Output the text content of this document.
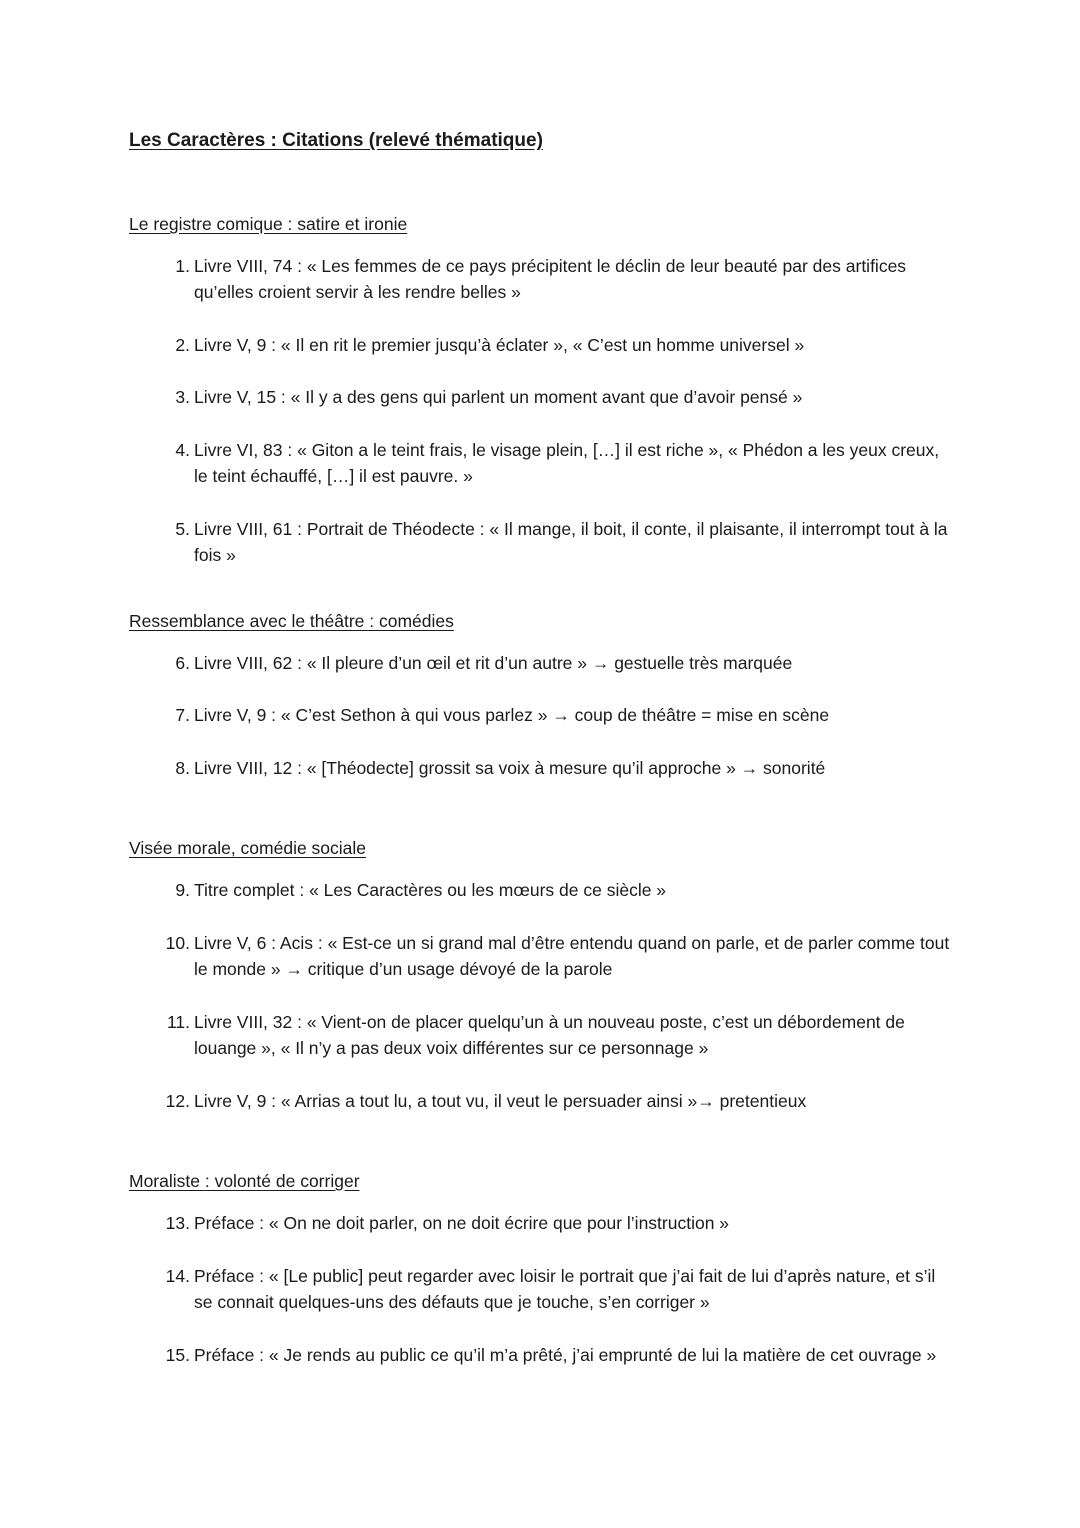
Les Caractères : Citations (relevé thématique)
Le registre comique : satire et ironie
1. Livre VIII, 74 : « Les femmes de ce pays précipitent le déclin de leur beauté par des artifices qu’elles croient servir à les rendre belles »
2. Livre V, 9 : « Il en rit le premier jusqu’à éclater », « C’est un homme universel »
3. Livre V, 15 : « Il y a des gens qui parlent un moment avant que d’avoir pensé »
4. Livre VI, 83 : « Giton a le teint frais, le visage plein, […] il est riche », « Phédon a les yeux creux, le teint échauffé, […] il est pauvre. »
5. Livre VIII, 61 : Portrait de Théodecte : « Il mange, il boit, il conte, il plaisante, il interrompt tout à la fois »
Ressemblance avec le théâtre : comédies
6. Livre VIII, 62 : « Il pleure d’un œil et rit d’un autre » → gestuelle très marquée
7. Livre V, 9 : « C’est Sethon à qui vous parlez » → coup de théâtre = mise en scène
8. Livre VIII, 12 : « [Théodecte] grossit sa voix à mesure qu’il approche » → sonorité
Visée morale, comédie sociale
9. Titre complet : « Les Caractères ou les mœurs de ce siècle »
10. Livre V, 6 : Acis : « Est-ce un si grand mal d’être entendu quand on parle, et de parler comme tout le monde » → critique d’un usage dévoyé de la parole
11. Livre VIII, 32 : « Vient-on de placer quelqu’un à un nouveau poste, c’est un débordement de louange », « Il n’y a pas deux voix différentes sur ce personnage »
12. Livre V, 9 : « Arrias a tout lu, a tout vu, il veut le persuader ainsi »→ pretentieux
Moraliste : volonté de corriger
13. Préface : « On ne doit parler, on ne doit écrire que pour l’instruction »
14. Préface : « [Le public] peut regarder avec loisir le portrait que j’ai fait de lui d’après nature, et s’il se connait quelques-uns des défauts que je touche, s’en corriger »
15. Préface : « Je rends au public ce qu’il m’a prêté, j’ai emprunté de lui la matière de cet ouvrage »
